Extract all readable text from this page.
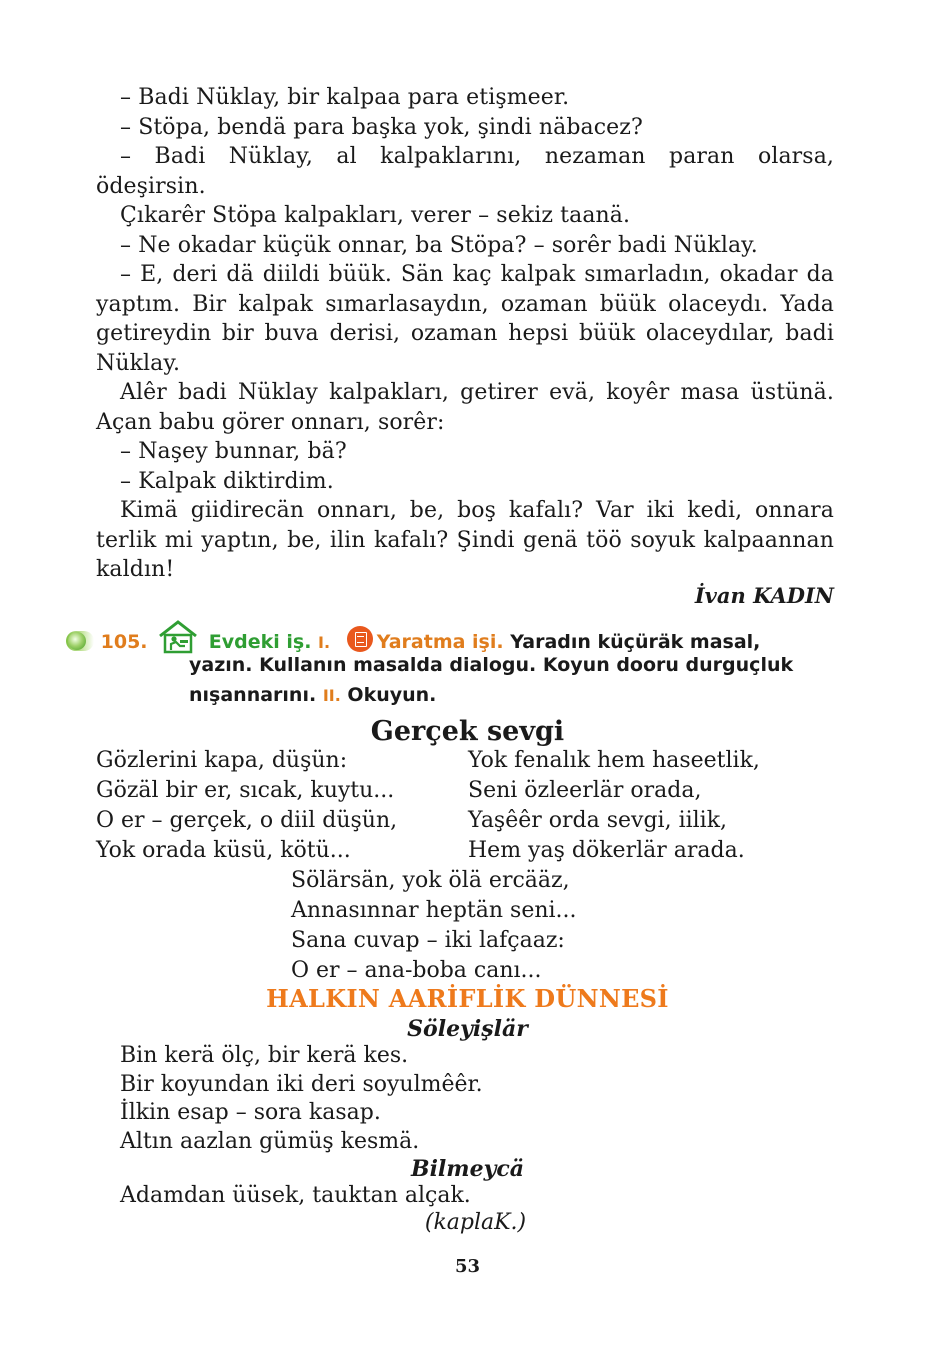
– Badi Nüklay, bir kalpaa para etişmeer.

– Stöpa, bendä para başka yok, şindi näbacez?

– Badi Nüklay, al kalpaklarını, nezaman paran olarsa, ödeşirsin.

Çıkarêr Stöpa kalpakları, verer – sekiz taanä.

– Ne okadar küçük onnar, ba Stöpa? – sorêr badi Nüklay.

– E, deri dä diildi büük. Sän kaç kalpak sımarladın, okadar da yaptım. Bir kalpak sımarlasaydın, ozaman büük olaceydı. Yada getireydin bir buva derisi, ozaman hepsi büük olaceydılar, badi Nüklay.

Alêr badi Nüklay kalpakları, getirer evä, koyêr masa üstünä. Açan babu görer onnarı, sorêr:

– Naşey bunnar, bä?

– Kalpak diktirdim.

Kimä giidirecän onnarı, be, boş kafalı? Var iki kedi, onnara terlik mi yaptın, be, ilin kafalı? Şindi genä töö soyuk kalpaannan kaldın!

İvan KADIN
105.	Evdeki iş. I. Yaratma işi. Yaradın küçüräk masal,
yazın. Kullanın masalda dialogu. Koyun dooru durguçluk nışannarını. II. Okuyun.
Gerçek sevgi
Gözlerini kapa, düşün:
Gözäl bir er, sıcak, kuytu...
O er – gerçek, o diil düşün,
Yok orada küsü, kötü...
Yok fenalık hem haseetlik,
Seni özleerlär orada,
Yaşêêr orda sevgi, iilik,
Hem yaş dökerlär arada.
Sölärsän, yok ölä ercääz,
Annasınnar heptän seni...
Sana cuvap – iki lafçaaz:
O er – ana-boba canı...
HALKIN AARİFLİK DÜNNESİ
Söleyişlär
Bin kerä ölç, bir kerä kes.
Bir koyundan iki deri soyulmêêr.
İlkin esap – sora kasap.
Altın aazlan gümüş kesmä.
Bilmeycä
Adamdan üüsek, tauktan alçak.
(kaplaK.)
53
